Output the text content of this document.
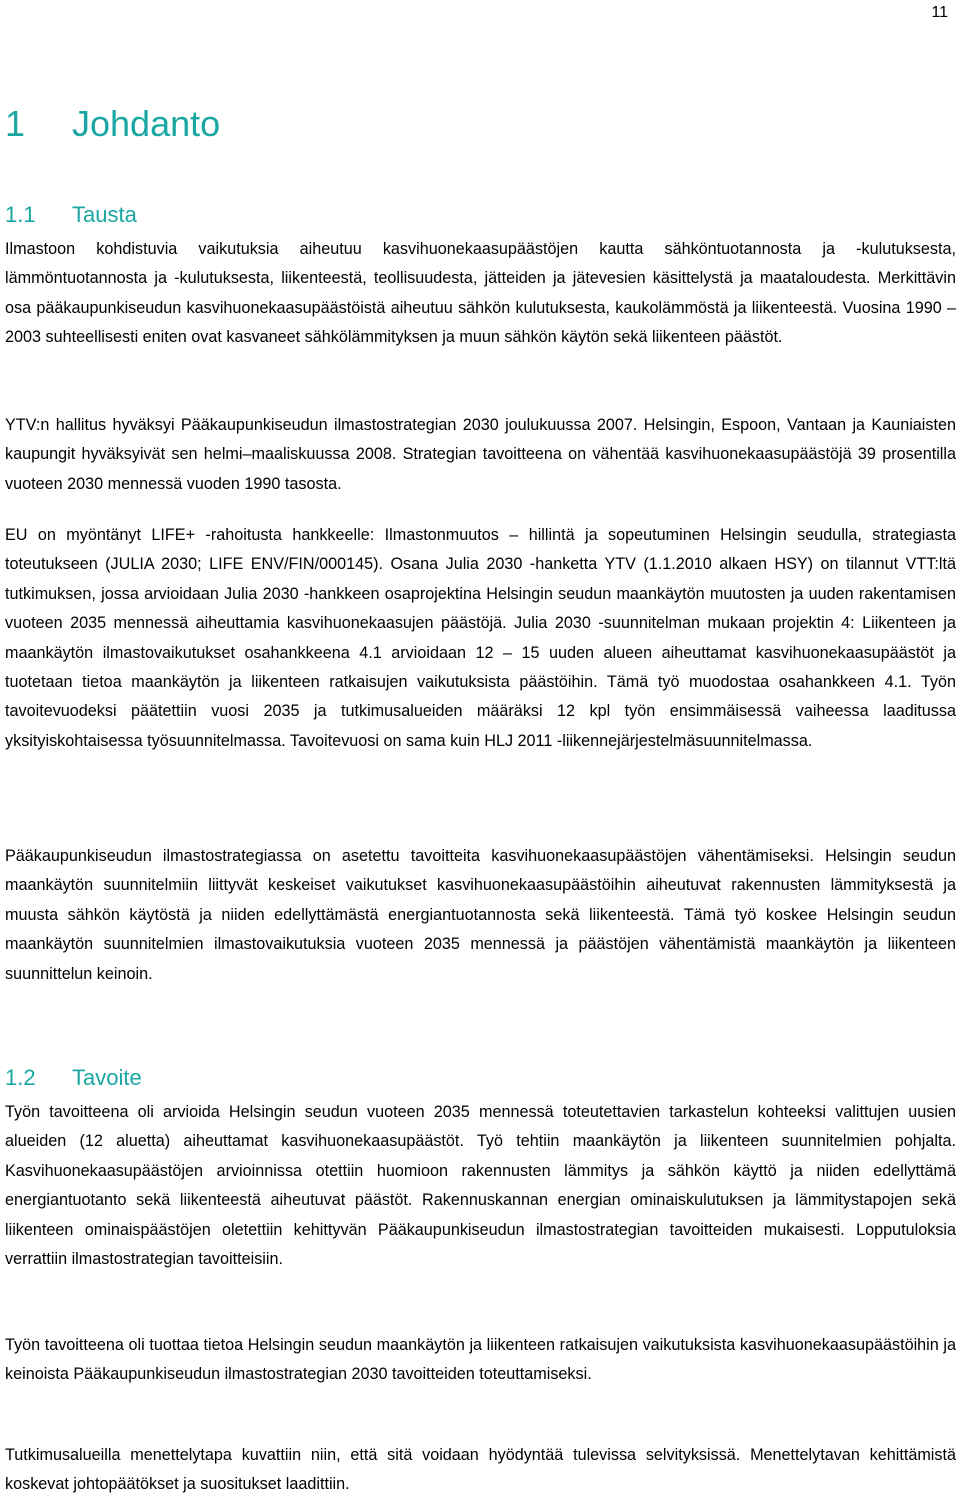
11
1 Johdanto
1.1 Tausta

Ilmastoon kohdistuvia vaikutuksia aiheutuu kasvihuonekaasupäästöjen kautta sähköntuotannosta ja -kulutuksesta, lämmöntuotannosta ja -kulutuksesta, liikenteestä, teollisuudesta, jätteiden ja jätevesien käsittelystä ja maataloudesta. Merkittävin osa pääkaupunkiseudun kasvihuonekaasupäästöistä aiheutuu sähkön kulutuksesta, kaukolämmöstä ja liikenteestä. Vuosina 1990 – 2003 suhteellisesti eniten ovat kasvaneet sähkölämmityksen ja muun sähkön käytön sekä liikenteen päästöt.

YTV:n hallitus hyväksyi Pääkaupunkiseudun ilmastostrategian 2030 joulukuussa 2007. Helsingin, Espoon, Vantaan ja Kauniaisten kaupungit hyväksyivät sen helmi–maaliskuussa 2008. Strategian tavoitteena on vähentää kasvihuonekaasupäästöjä 39 prosentilla vuoteen 2030 mennessä vuoden 1990 tasosta.

EU on myöntänyt LIFE+ -rahoitusta hankkeelle: Ilmastonmuutos – hillintä ja sopeutuminen Helsingin seudulla, strategiasta toteutukseen (JULIA 2030; LIFE ENV/FIN/000145). Osana Julia 2030 -hanketta YTV (1.1.2010 alkaen HSY) on tilannut VTT:ltä tutkimuksen, jossa arvioidaan Julia 2030 -hankkeen osaprojektina Helsingin seudun maankäytön muutosten ja uuden rakentamisen vuoteen 2035 mennessä aiheuttamia kasvihuonekaasujen päästöjä. Julia 2030 -suunnitelman mukaan projektin 4: Liikenteen ja maankäytön ilmastovaikutukset osahankkeena 4.1 arvioidaan 12 – 15 uuden alueen aiheuttamat kasvihuonekaasupäästöt ja tuotetaan tietoa maankäytön ja liikenteen ratkaisujen vaikutuksista päästöihin. Tämä työ muodostaa osahankkeen 4.1. Työn tavoitevuodeksi päätettiin vuosi 2035 ja tutkimusalueiden määräksi 12 kpl työn ensimmäisessä vaiheessa laaditussa yksityiskohtaisessa työsuunnitelmassa. Tavoitevuosi on sama kuin HLJ 2011 -liikennejärjestelmäsuunnitelmassa.

Pääkaupunkiseudun ilmastostrategiassa on asetettu tavoitteita kasvihuonekaasupäästöjen vähentämiseksi. Helsingin seudun maankäytön suunnitelmiin liittyvät keskeiset vaikutukset kasvihuonekaasupäästöihin aiheutuvat rakennusten lämmityksestä ja muusta sähkön käytöstä ja niiden edellyttämästä energiantuotannosta sekä liikenteestä. Tämä työ koskee Helsingin seudun maankäytön suunnitelmien ilmastovaikutuksia vuoteen 2035 mennessä ja päästöjen vähentämistä maankäytön ja liikenteen suunnittelun keinoin.

1.2 Tavoite

Työn tavoitteena oli arvioida Helsingin seudun vuoteen 2035 mennessä toteutettavien tarkastelun kohteeksi valittujen uusien alueiden (12 aluetta) aiheuttamat kasvihuonekaasupäästöt. Työ tehtiin maankäytön ja liikenteen suunnitelmien pohjalta. Kasvihuonekaasupäästöjen arvioinnissa otettiin huomioon rakennusten lämmitys ja sähkön käyttö ja niiden edellyttämä energiantuotanto sekä liikenteestä aiheutuvat päästöt. Rakennuskannan energian ominaiskulutuksen ja lämmitystapojen sekä liikenteen ominaispäästöjen oletettiin kehittyvän Pääkaupunkiseudun ilmastostrategian tavoitteiden mukaisesti. Lopputuloksia verrattiin ilmastostrategian tavoitteisiin.

Työn tavoitteena oli tuottaa tietoa Helsingin seudun maankäytön ja liikenteen ratkaisujen vaikutuksista kasvihuonekaasupäästöihin ja keinoista Pääkaupunkiseudun ilmastostrategian 2030 tavoitteiden toteuttamiseksi.

Tutkimusalueilla menettelytapa kuvattiin niin, että sitä voidaan hyödyntää tulevissa selvityksissä. Menettelytavan kehittämistä koskevat johtopäätökset ja suositukset laadittiin.
